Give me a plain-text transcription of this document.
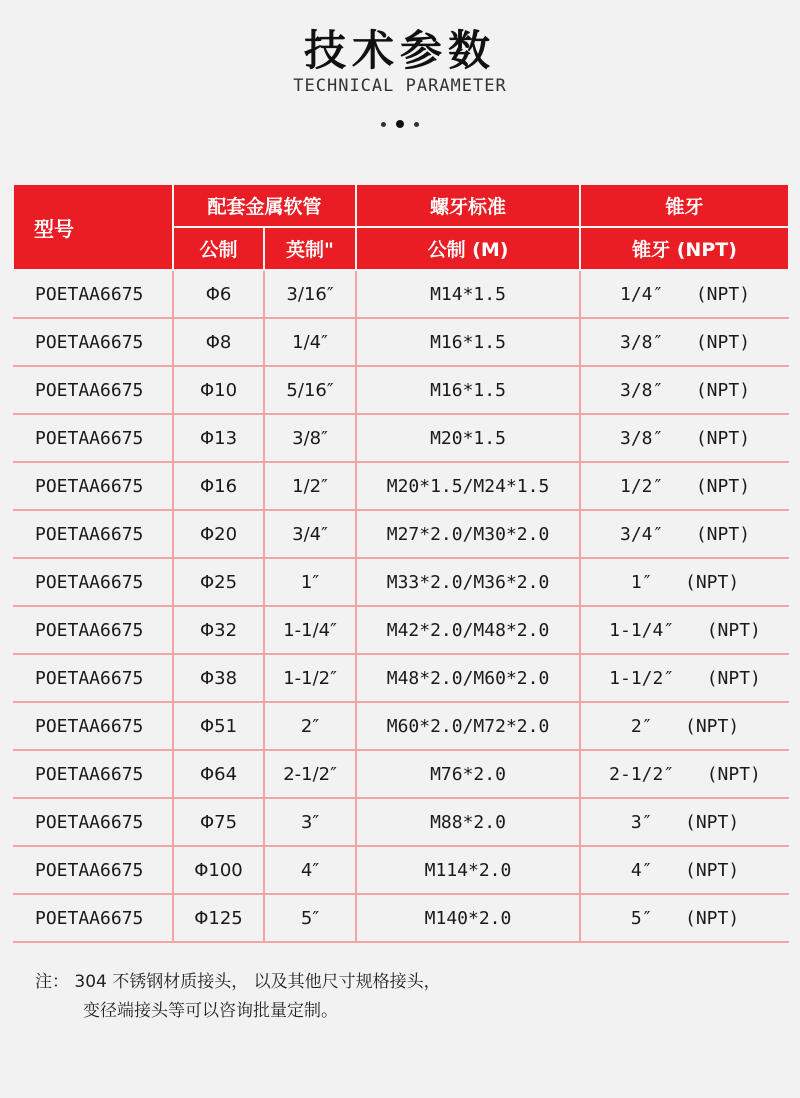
技术参数
TECHNICAL PARAMETER
型号	配套金属软管		螺牙标准	锥牙
	公制	英制"	公制 (M)	锥牙 (NPT)
POETAA6675	Φ6	3/16″	M14*1.5	1/4″   (NPT)
POETAA6675	Φ8	1/4″	M16*1.5	3/8″   (NPT)
POETAA6675	Φ10	5/16″	M16*1.5	3/8″   (NPT)
POETAA6675	Φ13	3/8″	M20*1.5	3/8″   (NPT)
POETAA6675	Φ16	1/2″	M20*1.5/M24*1.5	1/2″   (NPT)
POETAA6675	Φ20	3/4″	M27*2.0/M30*2.0	3/4″   (NPT)
POETAA6675	Φ25	1″	M33*2.0/M36*2.0	1″   (NPT)
POETAA6675	Φ32	1-1/4″	M42*2.0/M48*2.0	1-1/4″   (NPT)
POETAA6675	Φ38	1-1/2″	M48*2.0/M60*2.0	1-1/2″   (NPT)
POETAA6675	Φ51	2″	M60*2.0/M72*2.0	2″   (NPT)
POETAA6675	Φ64	2-1/2″	M76*2.0	2-1/2″   (NPT)
POETAA6675	Φ75	3″	M88*2.0	3″   (NPT)
POETAA6675	Φ100	4″	M114*2.0	4″   (NPT)
POETAA6675	Φ125	5″	M140*2.0	5″   (NPT)
注： 304 不锈钢材质接头， 以及其他尺寸规格接头，
变径端接头等可以咨询批量定制。
